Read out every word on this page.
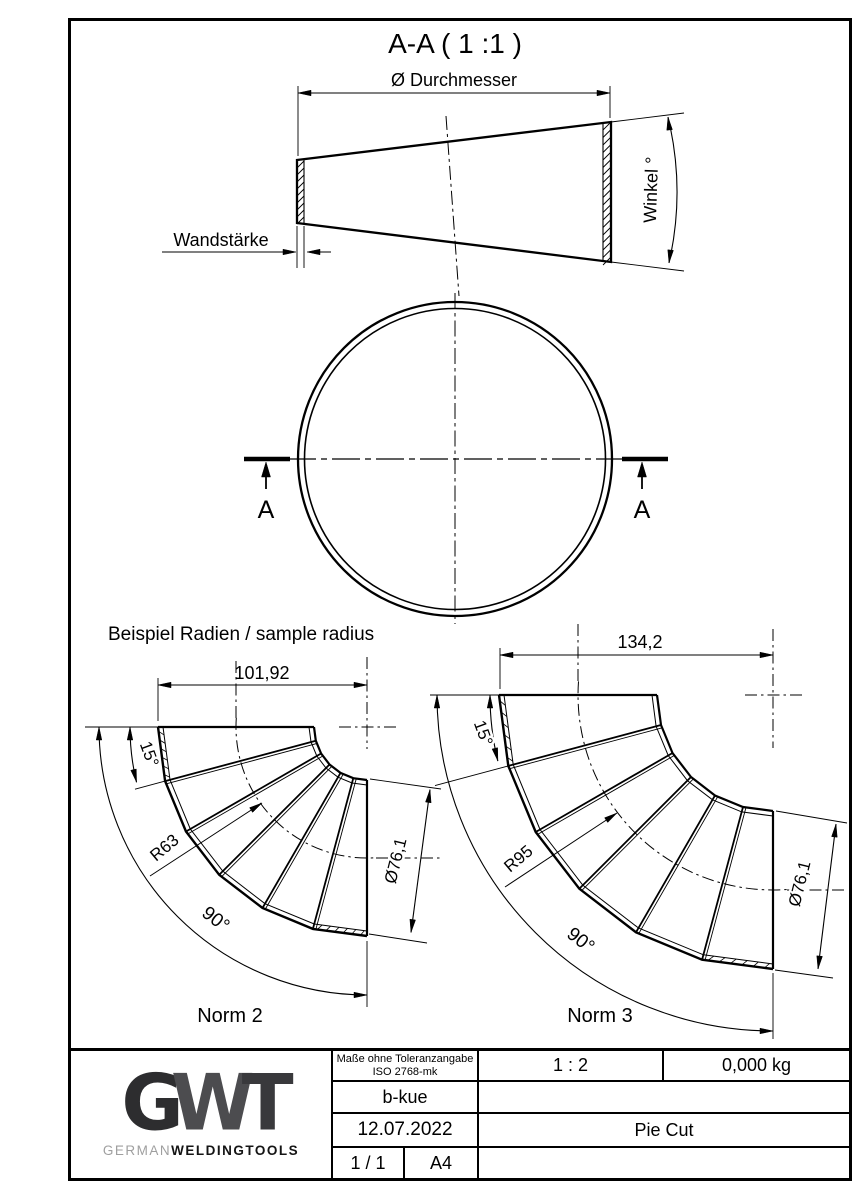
A-A ( 1 :1 )
Ø Durchmesser
Wandstärke
Winkel °
A	A
Beispiel Radien / sample radius
101,92
15°
R63
90°
Ø76,1
Norm 2
134,2
15°
R95
90°
Ø76,1
Norm 3
GWT
GERMANWELDINGTOOLS
Maße ohne Toleranzangabe
ISO 2768-mk
b-kue
12.07.2022
1 / 1	A4
1 : 2	0,000 kg
Pie Cut
